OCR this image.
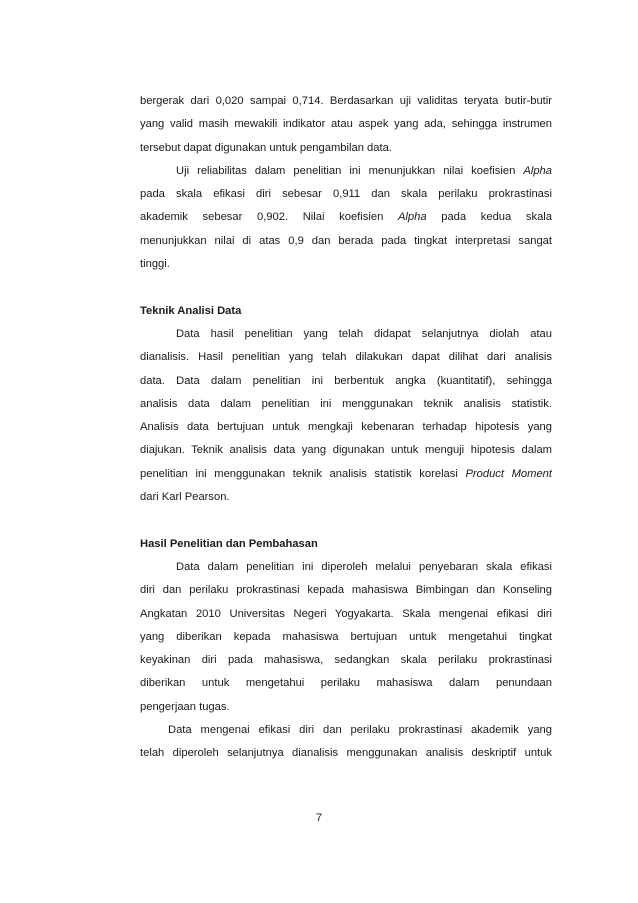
bergerak dari 0,020 sampai 0,714. Berdasarkan uji validitas teryata butir-butir
yang valid masih mewakili indikator atau aspek yang ada, sehingga instrumen
tersebut dapat digunakan untuk pengambilan data.
Uji reliabilitas dalam penelitian ini menunjukkan nilai koefisien Alpha
pada skala efikasi diri sebesar 0,911 dan skala perilaku prokrastinasi
akademik sebesar 0,902. Nilai koefisien Alpha pada kedua skala
menunjukkan nilai di atas 0,9 dan berada pada tingkat interpretasi sangat
tinggi.
Teknik Analisi Data
Data hasil penelitian yang telah didapat selanjutnya diolah atau
dianalisis. Hasil penelitian yang telah dilakukan dapat dilihat dari analisis
data. Data dalam penelitian ini berbentuk angka (kuantitatif), sehingga
analisis data dalam penelitian ini menggunakan teknik analisis statistik.
Analisis data bertujuan untuk mengkaji kebenaran terhadap hipotesis yang
diajukan. Teknik analisis data yang digunakan untuk menguji hipotesis dalam
penelitian ini menggunakan teknik analisis statistik korelasi Product Moment
dari Karl Pearson.
Hasil Penelitian dan Pembahasan
Data dalam penelitian ini diperoleh melalui penyebaran skala efikasi
diri dan perilaku prokrastinasi kepada mahasiswa Bimbingan dan Konseling
Angkatan 2010 Universitas Negeri Yogyakarta. Skala mengenai efikasi diri
yang diberikan kepada mahasiswa bertujuan untuk mengetahui tingkat
keyakinan diri pada mahasiswa, sedangkan skala perilaku prokrastinasi
diberikan untuk mengetahui perilaku mahasiswa dalam penundaan
pengerjaan tugas.
Data mengenai efikasi diri dan perilaku prokrastinasi akademik yang
telah diperoleh selanjutnya dianalisis menggunakan analisis deskriptif untuk
7
